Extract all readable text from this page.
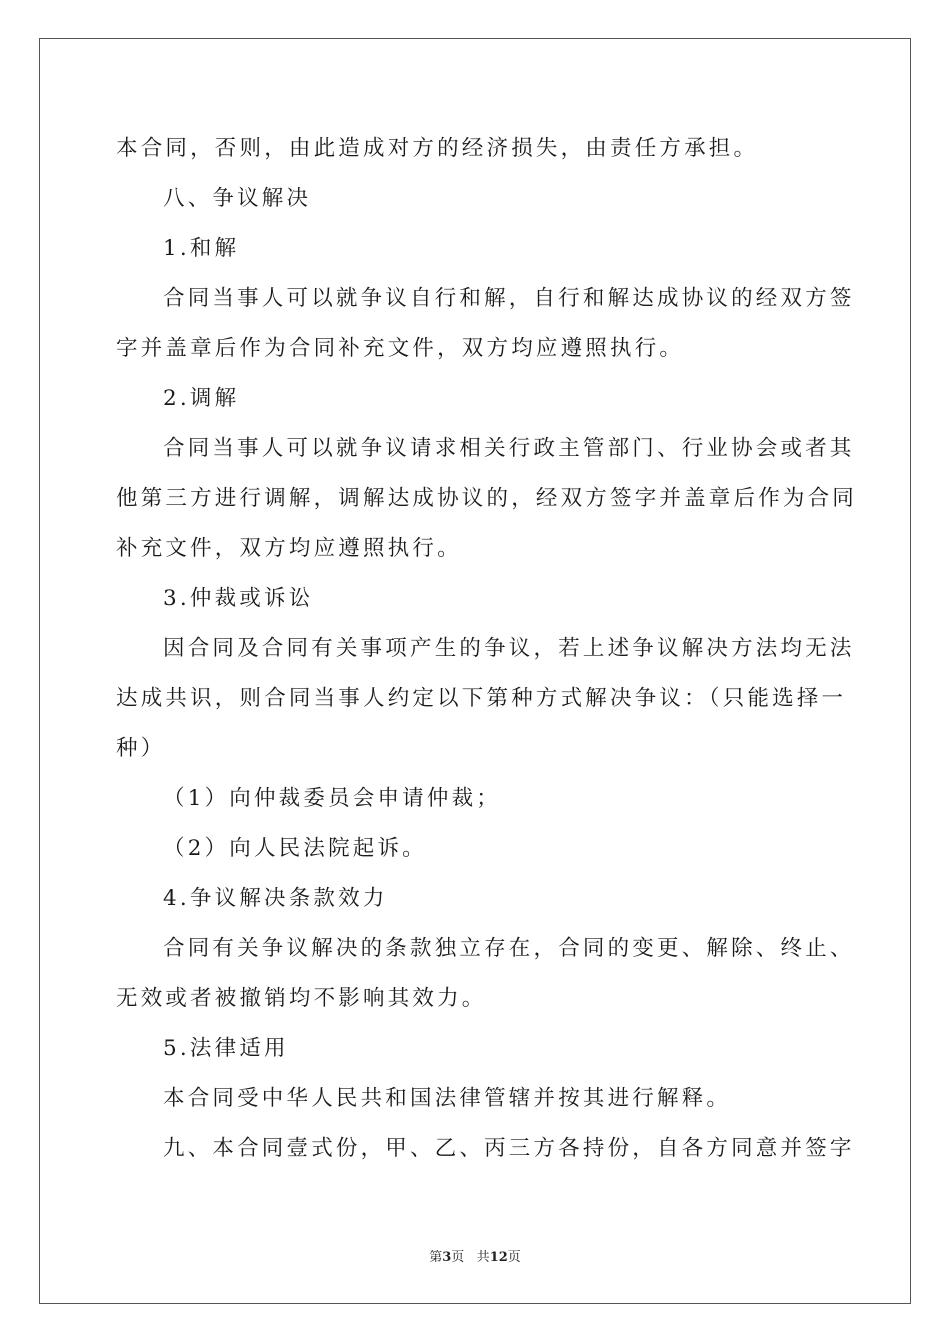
本合同，否则，由此造成对方的经济损失，由责任方承担。
八、争议解决
1.和解
合同当事人可以就争议自行和解，自行和解达成协议的经双方签
字并盖章后作为合同补充文件，双方均应遵照执行。
2.调解
合同当事人可以就争议请求相关行政主管部门、行业协会或者其
他第三方进行调解，调解达成协议的，经双方签字并盖章后作为合同
补充文件，双方均应遵照执行。
3.仲裁或诉讼
因合同及合同有关事项产生的争议，若上述争议解决方法均无法
达成共识，则合同当事人约定以下第种方式解决争议：（只能选择一
种）
（1）向仲裁委员会申请仲裁；
（2）向人民法院起诉。
4.争议解决条款效力
合同有关争议解决的条款独立存在，合同的变更、解除、终止、
无效或者被撤销均不影响其效力。
5.法律适用
本合同受中华人民共和国法律管辖并按其进行解释。
九、本合同壹式份，甲、乙、丙三方各持份，自各方同意并签字
第3页 共12页
